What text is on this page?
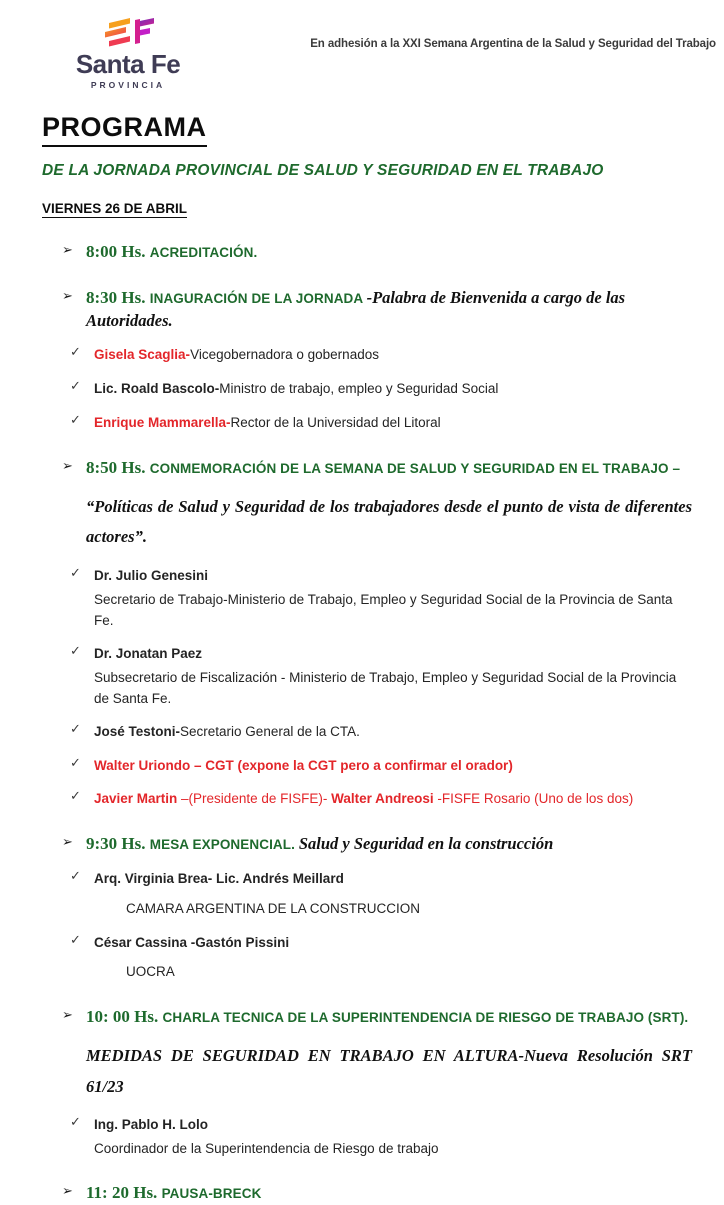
Santa Fe
PROVINCIA
En adhesión a la XXI Semana Argentina de la Salud y Seguridad del Trabajo
PROGRAMA
DE LA JORNADA PROVINCIAL DE SALUD Y SEGURIDAD EN EL TRABAJO
VIERNES 26 DE ABRIL
➢ 8:00 Hs. ACREDITACIÓN.
➢ 8:30 Hs. INAGURACIÓN DE LA JORNADA -Palabra de Bienvenida a cargo de las Autoridades.
✓ Gisela Scaglia-Vicegobernadora o gobernados
✓ Lic. Roald Bascolo-Ministro de trabajo, empleo y Seguridad Social
✓ Enrique Mammarella-Rector de la Universidad del Litoral
➢ 8:50 Hs. CONMEMORACIÓN DE LA SEMANA DE SALUD Y SEGURIDAD EN EL TRABAJO –
“Políticas de Salud y Seguridad de los trabajadores desde el punto de vista de diferentes actores”.
✓ Dr. Julio Genesini
Secretario de Trabajo-Ministerio de Trabajo, Empleo y Seguridad Social de la Provincia de Santa Fe.
✓ Dr. Jonatan Paez
Subsecretario de Fiscalización - Ministerio de Trabajo, Empleo y Seguridad Social de la Provincia de Santa Fe.
✓ José Testoni-Secretario General de la CTA.
✓ Walter Uriondo – CGT (expone la CGT pero a confirmar el orador)
✓ Javier Martin –(Presidente de FISFE)- Walter Andreosi -FISFE Rosario (Uno de los dos)
➢ 9:30 Hs. MESA EXPONENCIAL. Salud y Seguridad en la construcción
✓ Arq. Virginia Brea- Lic. Andrés Meillard
CAMARA ARGENTINA DE LA CONSTRUCCION
✓ César Cassina -Gastón Pissini
UOCRA
➢ 10: 00 Hs. CHARLA TECNICA DE LA SUPERINTENDENCIA DE RIESGO DE TRABAJO (SRT).
MEDIDAS DE SEGURIDAD EN TRABAJO EN ALTURA-Nueva Resolución SRT 61/23
✓ Ing. Pablo H. Lolo
Coordinador de la Superintendencia de Riesgo de trabajo
➢ 11: 20 Hs. PAUSA-BRECK
